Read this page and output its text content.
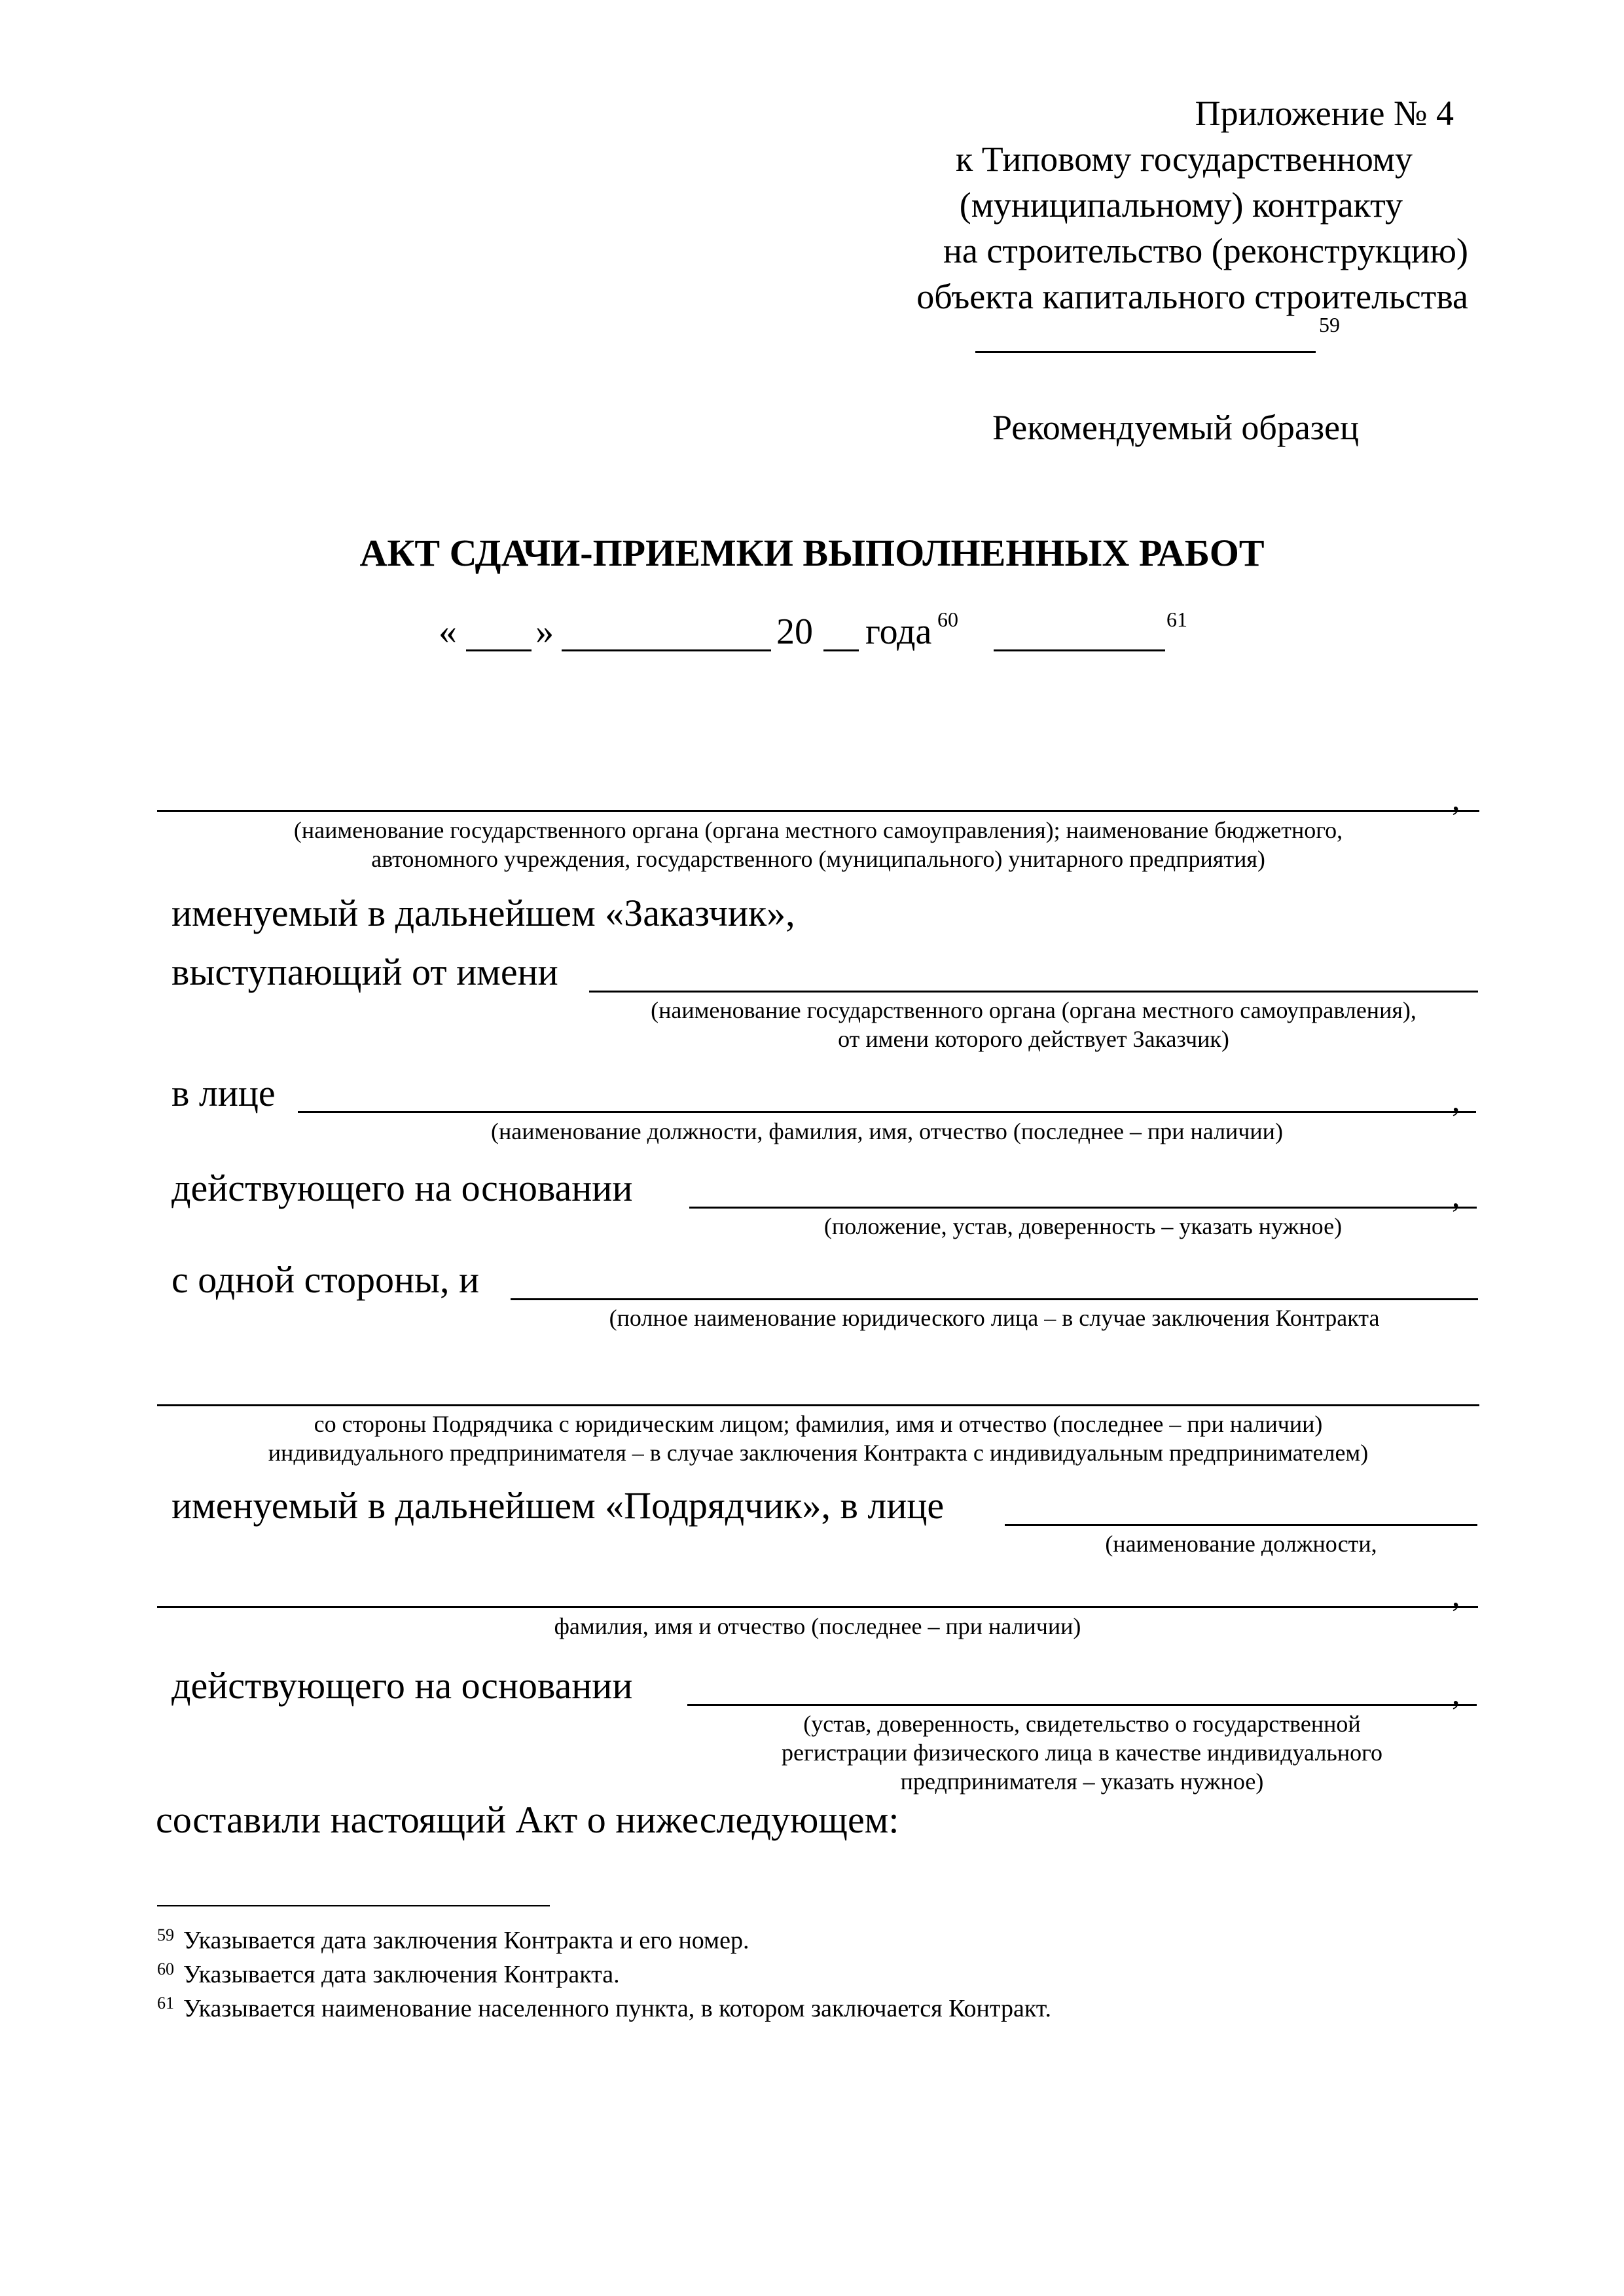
Приложение № 4
к Типовому государственному
(муниципальному) контракту
на строительство (реконструкцию)
объекта капитального строительства
59
Рекомендуемый образец
АКТ СДАЧИ-ПРИЕМКИ ВЫПОЛНЕННЫХ РАБОТ
« »	20 года 60	61
,
(наименование государственного органа (органа местного самоуправления); наименование бюджетного,
автономного учреждения, государственного (муниципального) унитарного предприятия)
именуемый в дальнейшем «Заказчик»,
выступающий от имени
(наименование государственного органа (органа местного самоуправления),
от имени которого действует Заказчик)
в лице	,
(наименование должности, фамилия, имя, отчество (последнее – при наличии)
действующего на основании	,
(положение, устав, доверенность – указать нужное)
с одной стороны, и
(полное наименование юридического лица – в случае заключения Контракта
со стороны Подрядчика с юридическим лицом; фамилия, имя и отчество (последнее – при наличии)
индивидуального предпринимателя – в случае заключения Контракта с индивидуальным предпринимателем)
именуемый в дальнейшем «Подрядчик», в лице
(наименование должности,
,
фамилия, имя и отчество (последнее – при наличии)
действующего на основании	,
(устав, доверенность, свидетельство о государственной
регистрации физического лица в качестве индивидуального
предпринимателя – указать нужное)
составили настоящий Акт о нижеследующем:
$^{59}$ Указывается дата заключения Контракта и его номер.
$^{60}$ Указывается дата заключения Контракта.
$^{61}$ Указывается наименование населенного пункта, в котором заключается Контракт.
